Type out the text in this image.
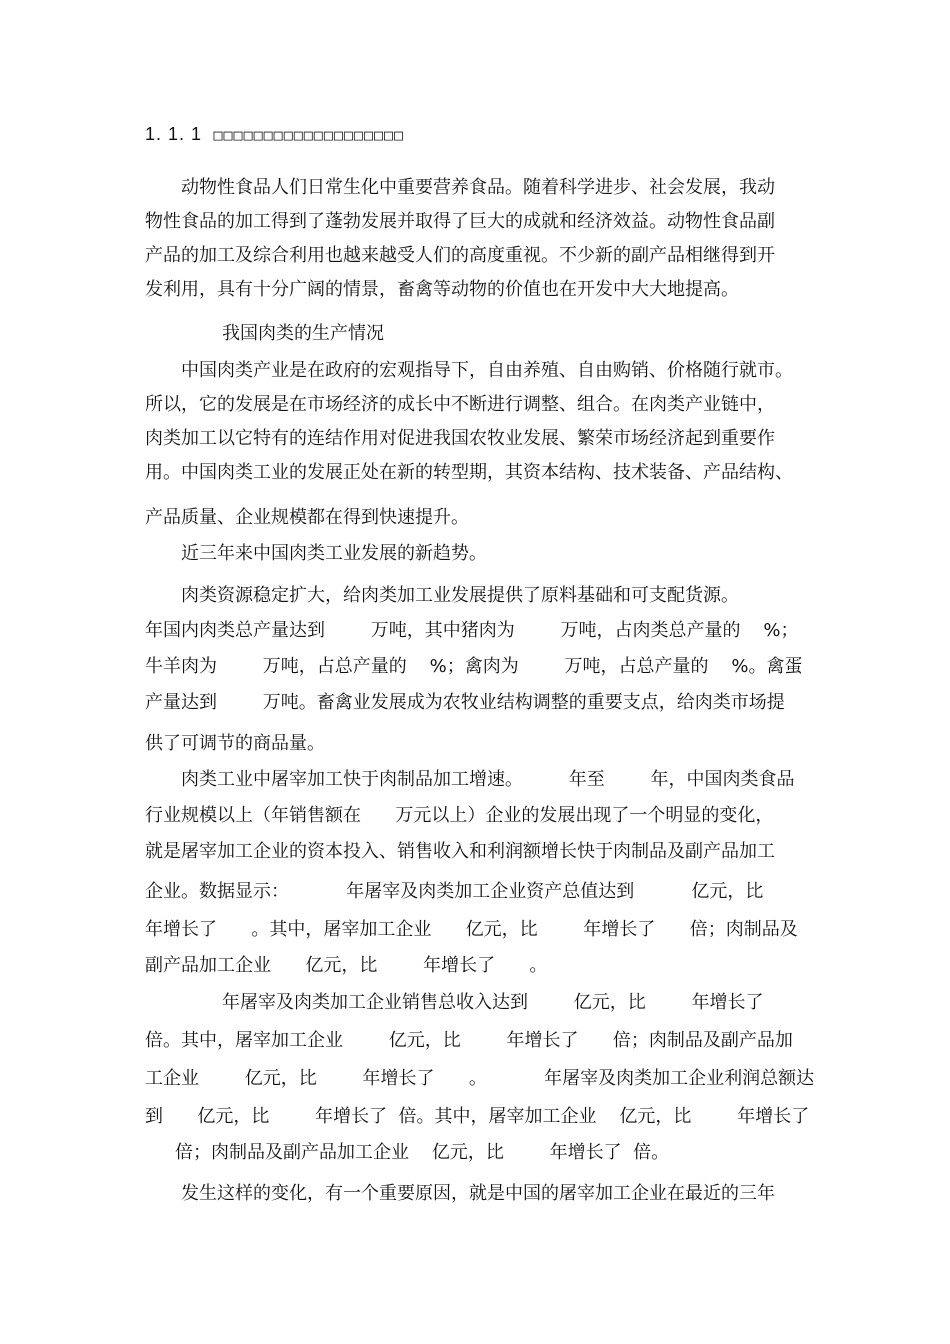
1. 1. 1 □□□□□□□□□□□□□□□□□□□
动物性食品人们日常生化中重要营养食品。随着科学进步、社会发展，我动
物性食品的加工得到了蓬勃发展并取得了巨大的成就和经济效益。动物性食品副
产品的加工及综合利用也越来越受人们的高度重视。不少新的副产品相继得到开
发利用，具有十分广阔的情景，畜禽等动物的价值也在开发中大大地提高。
我国肉类的生产情况
中国肉类产业是在政府的宏观指导下，自由养殖、自由购销、价格随行就市。
所以，它的发展是在市场经济的成长中不断进行调整、组合。在肉类产业链中，
肉类加工以它特有的连结作用对促进我国农牧业发展、繁荣市场经济起到重要作
用。中国肉类工业的发展正处在新的转型期，其资本结构、技术装备、产品结构、
产品质量、企业规模都在得到快速提升。
近三年来中国肉类工业发展的新趋势。
肉类资源稳定扩大，给肉类加工业发展提供了原料基础和可支配货源。
年国内肉类总产量达到        万吨，其中猪肉为        万吨，占肉类总产量的    %；
牛羊肉为        万吨，占总产量的    %；禽肉为        万吨，占总产量的    %。禽蛋
产量达到        万吨。畜禽业发展成为农牧业结构调整的重要支点，给肉类市场提
供了可调节的商品量。
肉类工业中屠宰加工快于肉制品加工增速。        年至        年，中国肉类食品
行业规模以上（年销售额在      万元以上）企业的发展出现了一个明显的变化，
就是屠宰加工企业的资本投入、销售收入和利润额增长快于肉制品及副产品加工
企业。数据显示：          年屠宰及肉类加工企业资产总值达到          亿元，比
年增长了      。其中，屠宰加工企业      亿元，比        年增长了      倍；肉制品及
副产品加工企业      亿元，比        年增长了      。
年屠宰及肉类加工企业销售总收入达到        亿元，比        年增长了
倍。其中，屠宰加工企业        亿元，比        年增长了      倍；肉制品及副产品加
工企业        亿元，比        年增长了      。          年屠宰及肉类加工企业利润总额达
到      亿元，比        年增长了  倍。其中，屠宰加工企业    亿元，比        年增长了
倍；肉制品及副产品加工企业    亿元，比        年增长了  倍。
发生这样的变化，有一个重要原因，就是中国的屠宰加工企业在最近的三年
